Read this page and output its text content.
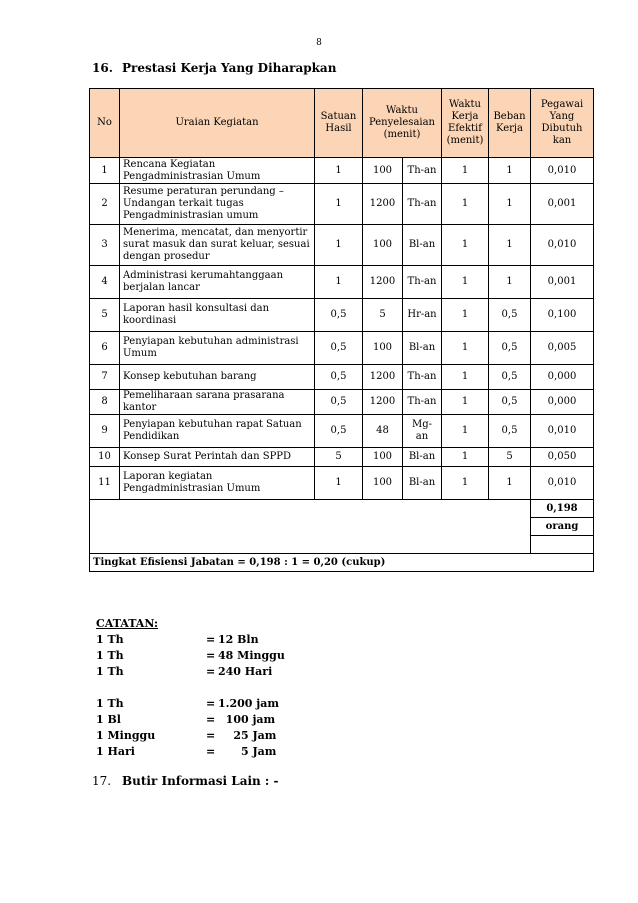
8
16. Prestasi Kerja Yang Diharapkan
No	Uraian Kegiatan	Satuan Hasil	Waktu Penyelesaian (menit)		Waktu Kerja Efektif (menit)	Beban Kerja	Pegawai Yang Dibutuh kan
1	Rencana Kegiatan Pengadministrasian Umum	1	100	Th-an	1	1	0,010
2	Resume peraturan perundang – Undangan terkait tugas Pengadministrasian umum	1	1200	Th-an	1	1	0,001
3	Menerima, mencatat, dan menyortir surat masuk dan surat keluar, sesuai dengan prosedur	1	100	Bl-an	1	1	0,010
4	Administrasi kerumahtanggaan berjalan lancar	1	1200	Th-an	1	1	0,001
5	Laporan hasil konsultasi dan koordinasi	0,5	5	Hr-an	1	0,5	0,100
6	Penyiapan kebutuhan administrasi Umum	0,5	100	Bl-an	1	0,5	0,005
7	Konsep kebutuhan barang	0,5	1200	Th-an	1	0,5	0,000
8	Pemeliharaan sarana prasarana kantor	0,5	1200	Th-an	1	0,5	0,000
9	Penyiapan kebutuhan rapat Satuan Pendidikan	0,5	48	Mg-an	1	0,5	0,010
10	Konsep Surat Perintah dan SPPD	5	100	Bl-an	1	5	0,050
11	Laporan kegiatan Pengadministrasian Umum	1	100	Bl-an	1	1	0,010
							0,198
							orang

Tingkat Efisiensi Jabatan = 0,198 : 1 = 0,20 (cukup)							
CATATAN:
1 Th	= 12 Bln
1 Th	= 48 Minggu
1 Th	= 240 Hari
1 Th	= 1.200 jam
1 Bl	= 100 jam
1 Minggu	= 25 Jam
1 Hari	= 5 Jam
17. Butir Informasi Lain : -
